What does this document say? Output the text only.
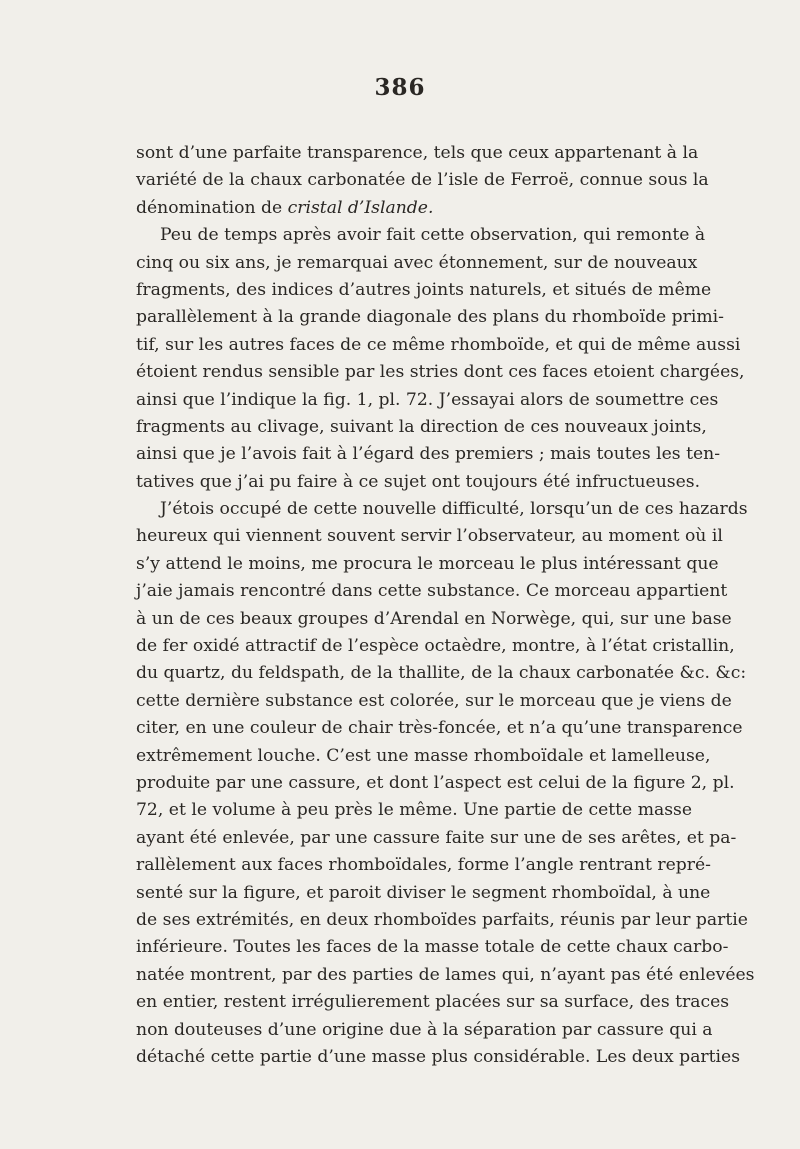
386
sont d’une parfaite transparence, tels que ceux appartenant à la
variété de la chaux carbonatée de l’isle de Ferroë, connue sous la
dénomination de cristal d’Islande.
Peu de temps après avoir fait cette observation, qui remonte à
cinq ou six ans, je remarquai avec étonnement, sur de nouveaux
fragments, des indices d’autres joints naturels, et situés de même
parallèlement à la grande diagonale des plans du rhomboïde primi-
tif, sur les autres faces de ce même rhomboïde, et qui de même aussi
étoient rendus sensible par les stries dont ces faces etoient chargées,
ainsi que l’indique la fig. 1, pl. 72. J’essayai alors de soumettre ces
fragments au clivage, suivant la direction de ces nouveaux joints,
ainsi que je l’avois fait à l’égard des premiers ; mais toutes les ten-
tatives que j’ai pu faire à ce sujet ont toujours été infructueuses.
J’étois occupé de cette nouvelle difficulté, lorsqu’un de ces hazards
heureux qui viennent souvent servir l’observateur, au moment où il
s’y attend le moins, me procura le morceau le plus intéressant que
j’aie jamais rencontré dans cette substance. Ce morceau appartient
à un de ces beaux groupes d’Arendal en Norwège, qui, sur une base
de fer oxidé attractif de l’espèce octaèdre, montre, à l’état cristallin,
du quartz, du feldspath, de la thallite, de la chaux carbonatée &c. &c:
cette dernière substance est colorée, sur le morceau que je viens de
citer, en une couleur de chair très-foncée, et n’a qu’une transparence
extrêmement louche. C’est une masse rhomboïdale et lamelleuse,
produite par une cassure, et dont l’aspect est celui de la figure 2, pl.
72, et le volume à peu près le même. Une partie de cette masse
ayant été enlevée, par une cassure faite sur une de ses arêtes, et pa-
rallèlement aux faces rhomboïdales, forme l’angle rentrant repré-
senté sur la figure, et paroit diviser le segment rhomboïdal, à une
de ses extrémités, en deux rhomboïdes parfaits, réunis par leur partie
inférieure. Toutes les faces de la masse totale de cette chaux carbo-
natée montrent, par des parties de lames qui, n’ayant pas été enlevées
en entier, restent irrégulierement placées sur sa surface, des traces
non douteuses d’une origine due à la séparation par cassure qui a
détaché cette partie d’une masse plus considérable. Les deux parties
